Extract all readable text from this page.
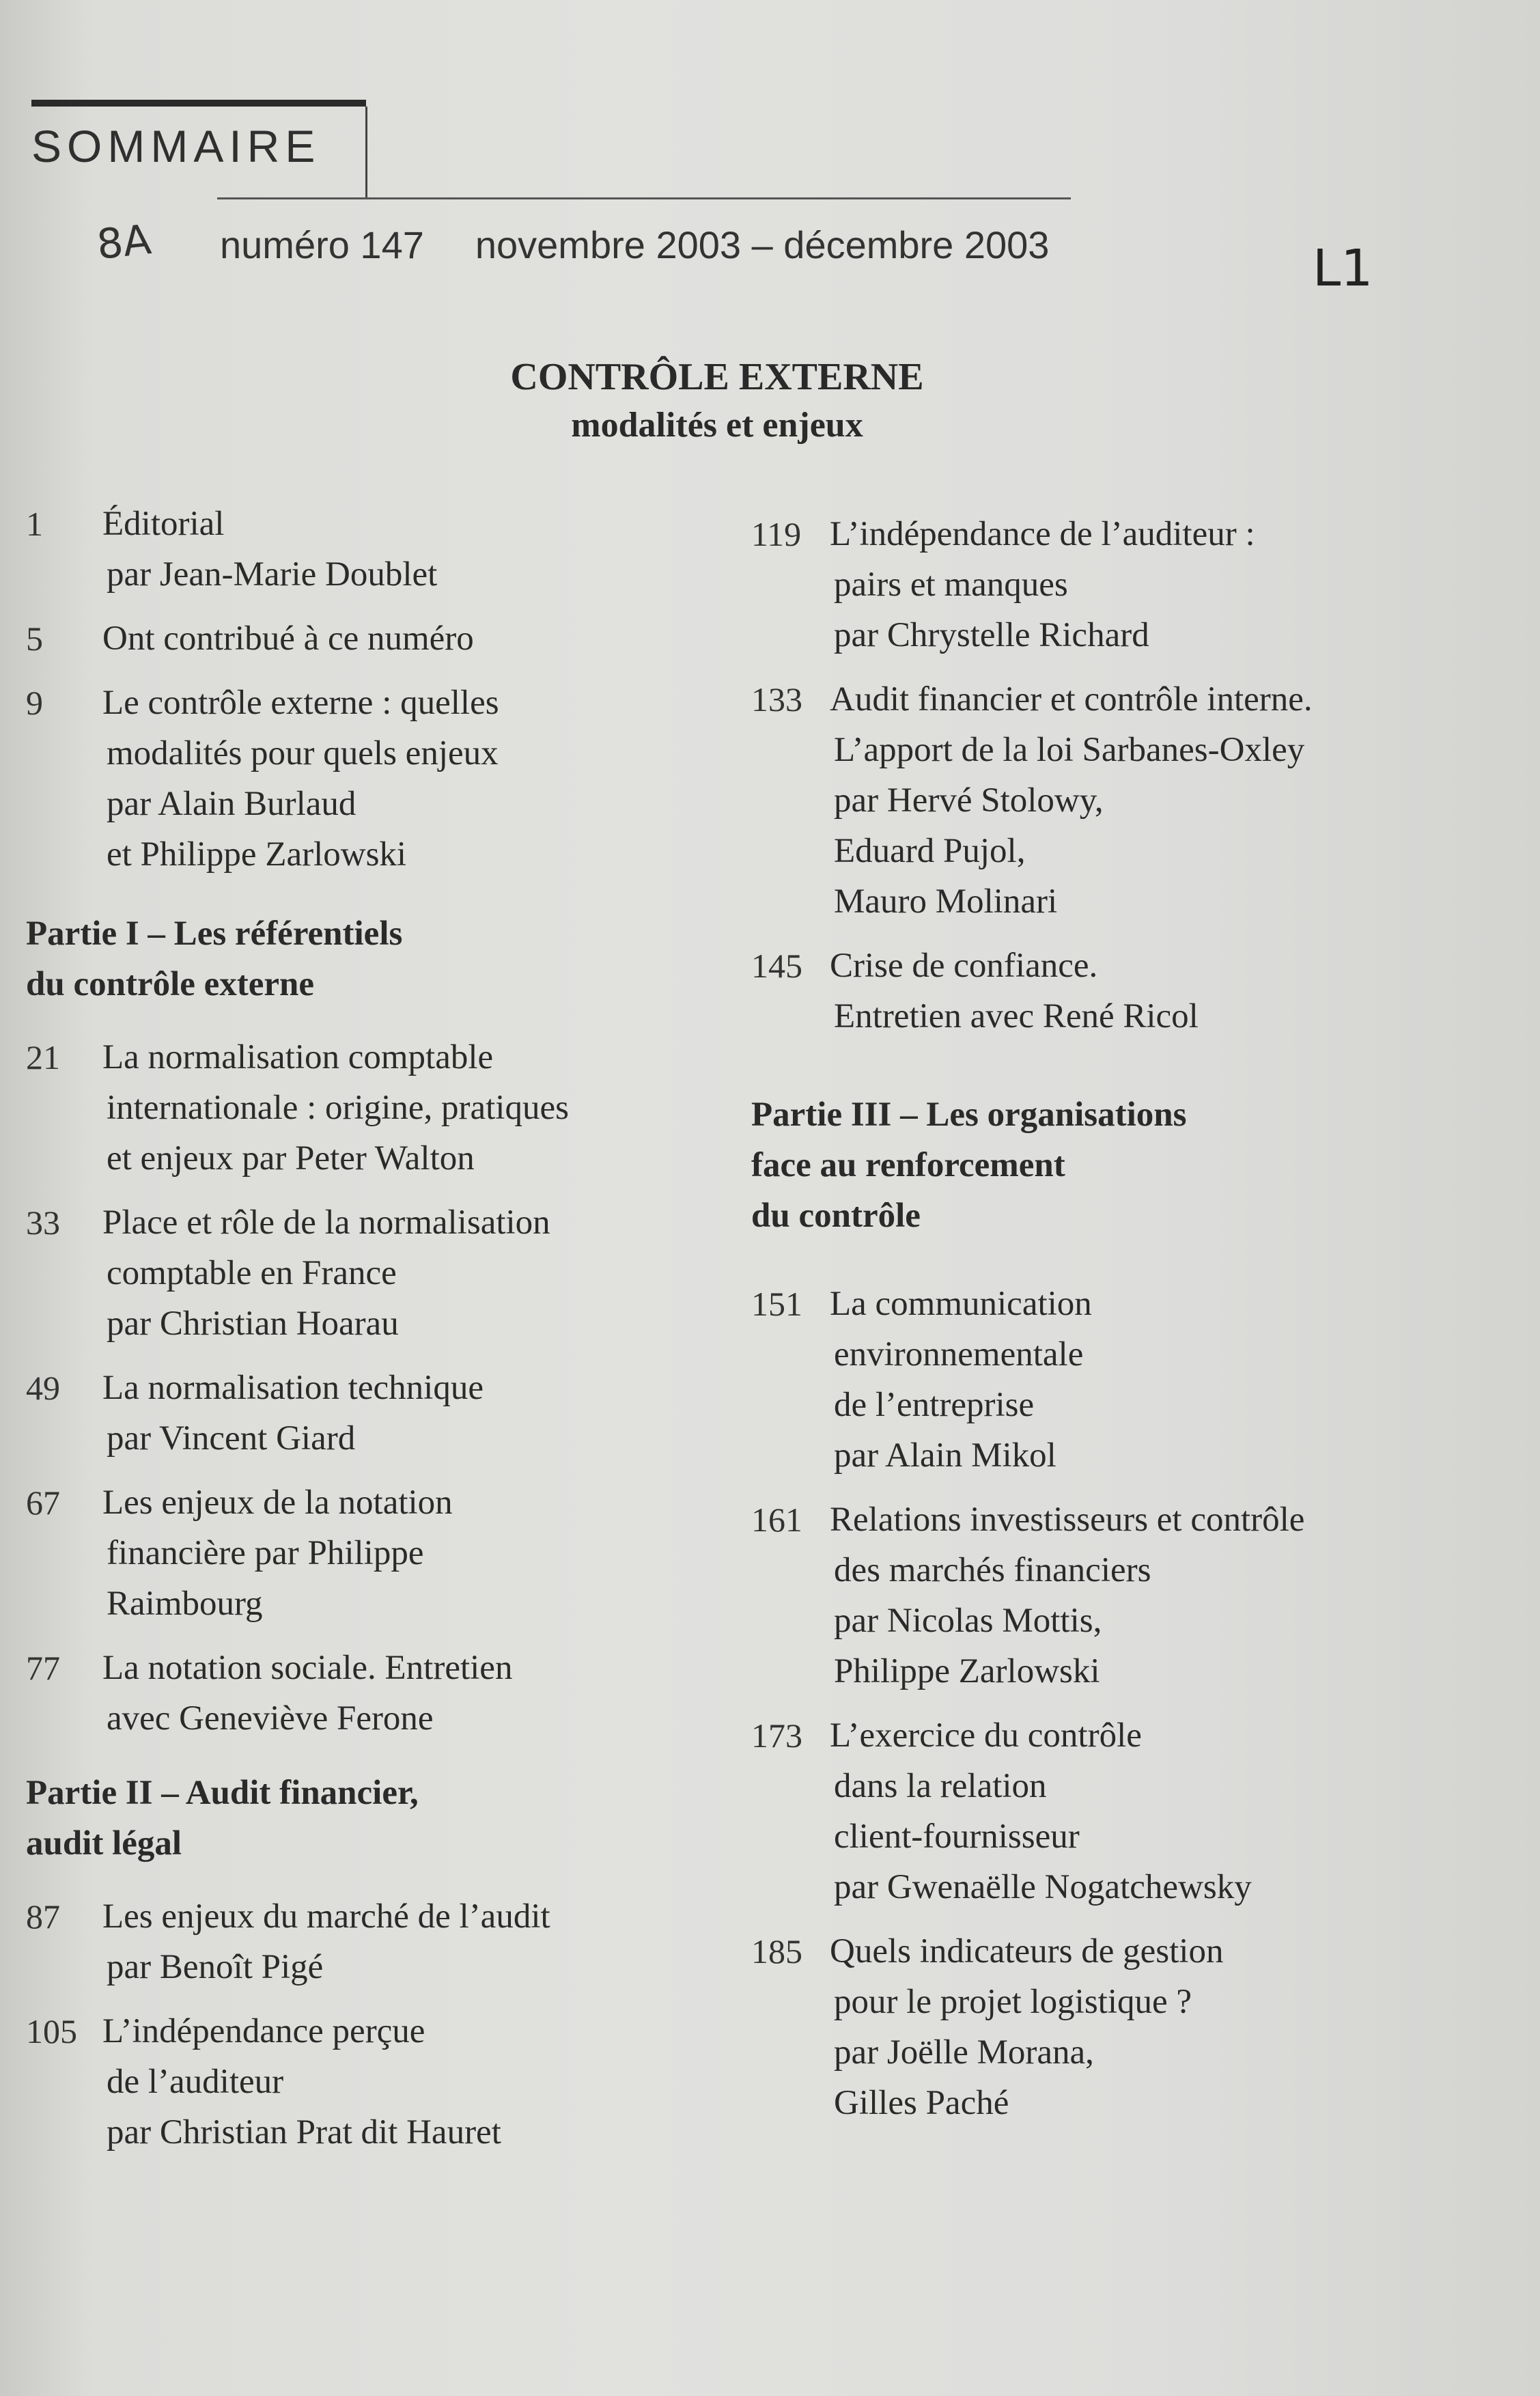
SOMMAIRE
8A numéro 147 novembre 2003 – décembre 2003	L1
CONTRÔLE EXTERNE
modalités et enjeux
1	Éditorial
par Jean-Marie Doublet
5	Ont contribué à ce numéro
9	Le contrôle externe : quelles
modalités pour quels enjeux
par Alain Burlaud
et Philippe Zarlowski
Partie I – Les référentiels
du contrôle externe
21	La normalisation comptable
internationale : origine, pratiques
et enjeux par Peter Walton
33	Place et rôle de la normalisation
comptable en France
par Christian Hoarau
49	La normalisation technique
par Vincent Giard
67	Les enjeux de la notation
financière par Philippe
Raimbourg
77	La notation sociale. Entretien
avec Geneviève Ferone
Partie II – Audit financier,
audit légal
87	Les enjeux du marché de l’audit
par Benoît Pigé
105 L’indépendance perçue
de l’auditeur
par Christian Prat dit Hauret
119 L’indépendance de l’auditeur :
pairs et manques
par Chrystelle Richard
133 Audit financier et contrôle interne.
L’apport de la loi Sarbanes-Oxley
par Hervé Stolowy,
Eduard Pujol,
Mauro Molinari
145 Crise de confiance.
Entretien avec René Ricol
Partie III – Les organisations
face au renforcement
du contrôle
151 La communication
environnementale
de l’entreprise
par Alain Mikol
161 Relations investisseurs et contrôle
des marchés financiers
par Nicolas Mottis,
Philippe Zarlowski
173 L’exercice du contrôle
dans la relation
client-fournisseur
par Gwenaëlle Nogatchewsky
185 Quels indicateurs de gestion
pour le projet logistique ?
par Joëlle Morana,
Gilles Paché
